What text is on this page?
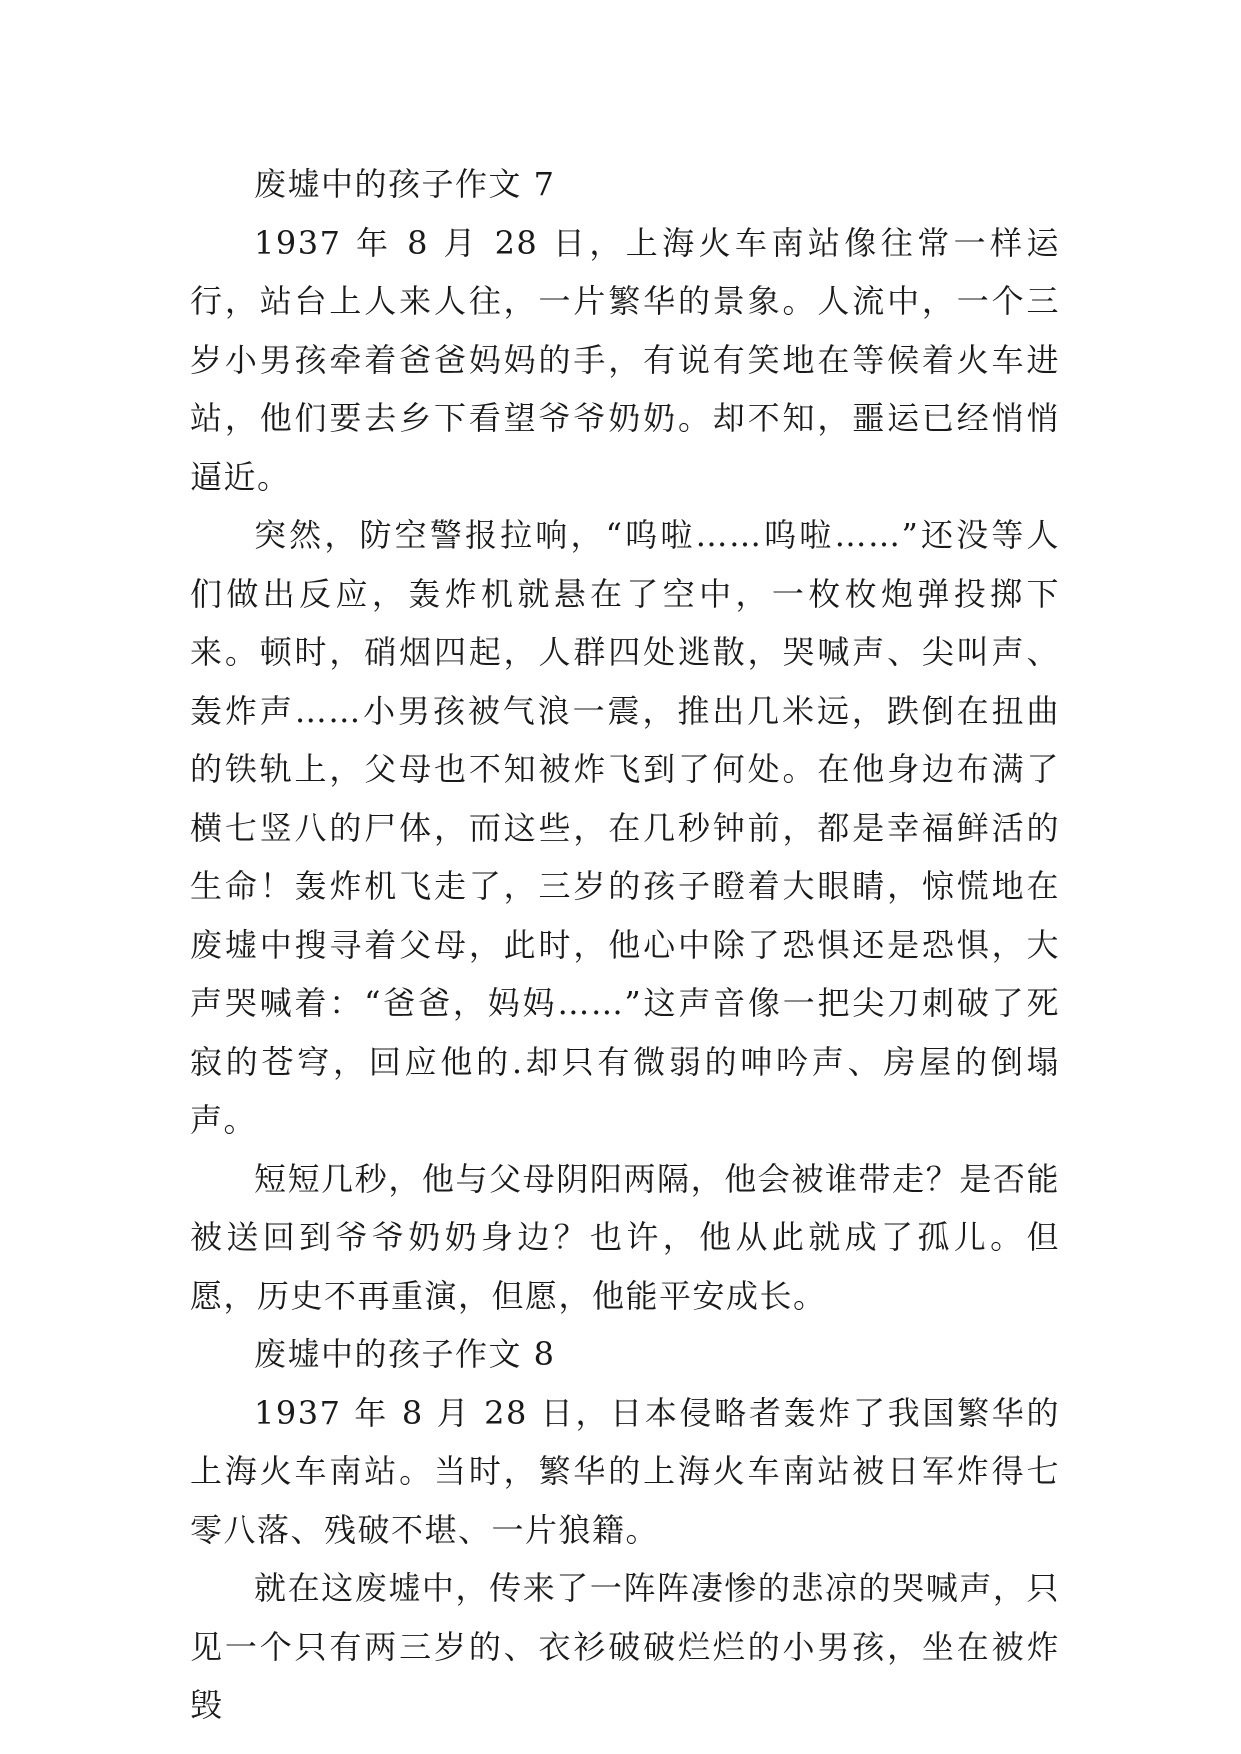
废墟中的孩子作文 7

1937 年 8 月 28 日，上海火车南站像往常一样运行，站台上人来人往，一片繁华的景象。人流中，一个三岁小男孩牵着爸爸妈妈的手，有说有笑地在等候着火车进站，他们要去乡下看望爷爷奶奶。却不知，噩运已经悄悄逼近。

突然，防空警报拉响，“呜啦……呜啦……”还没等人们做出反应，轰炸机就悬在了空中，一枚枚炮弹投掷下来。顿时，硝烟四起，人群四处逃散，哭喊声、尖叫声、轰炸声……小男孩被气浪一震，推出几米远，跌倒在扭曲的铁轨上，父母也不知被炸飞到了何处。在他身边布满了横七竖八的尸体，而这些，在几秒钟前，都是幸福鲜活的生命！轰炸机飞走了，三岁的孩子瞪着大眼睛，惊慌地在废墟中搜寻着父母，此时，他心中除了恐惧还是恐惧，大声哭喊着：“爸爸，妈妈……”这声音像一把尖刀刺破了死寂的苍穹，回应他的.却只有微弱的呻吟声、房屋的倒塌声。

短短几秒，他与父母阴阳两隔，他会被谁带走？是否能被送回到爷爷奶奶身边？也许，他从此就成了孤儿。但愿，历史不再重演，但愿，他能平安成长。

废墟中的孩子作文 8

1937 年 8 月 28 日，日本侵略者轰炸了我国繁华的上海火车南站。当时，繁华的上海火车南站被日军炸得七零八落、残破不堪、一片狼籍。

就在这废墟中，传来了一阵阵凄惨的悲凉的哭喊声，只见一个只有两三岁的、衣衫破破烂烂的小男孩，坐在被炸毁
